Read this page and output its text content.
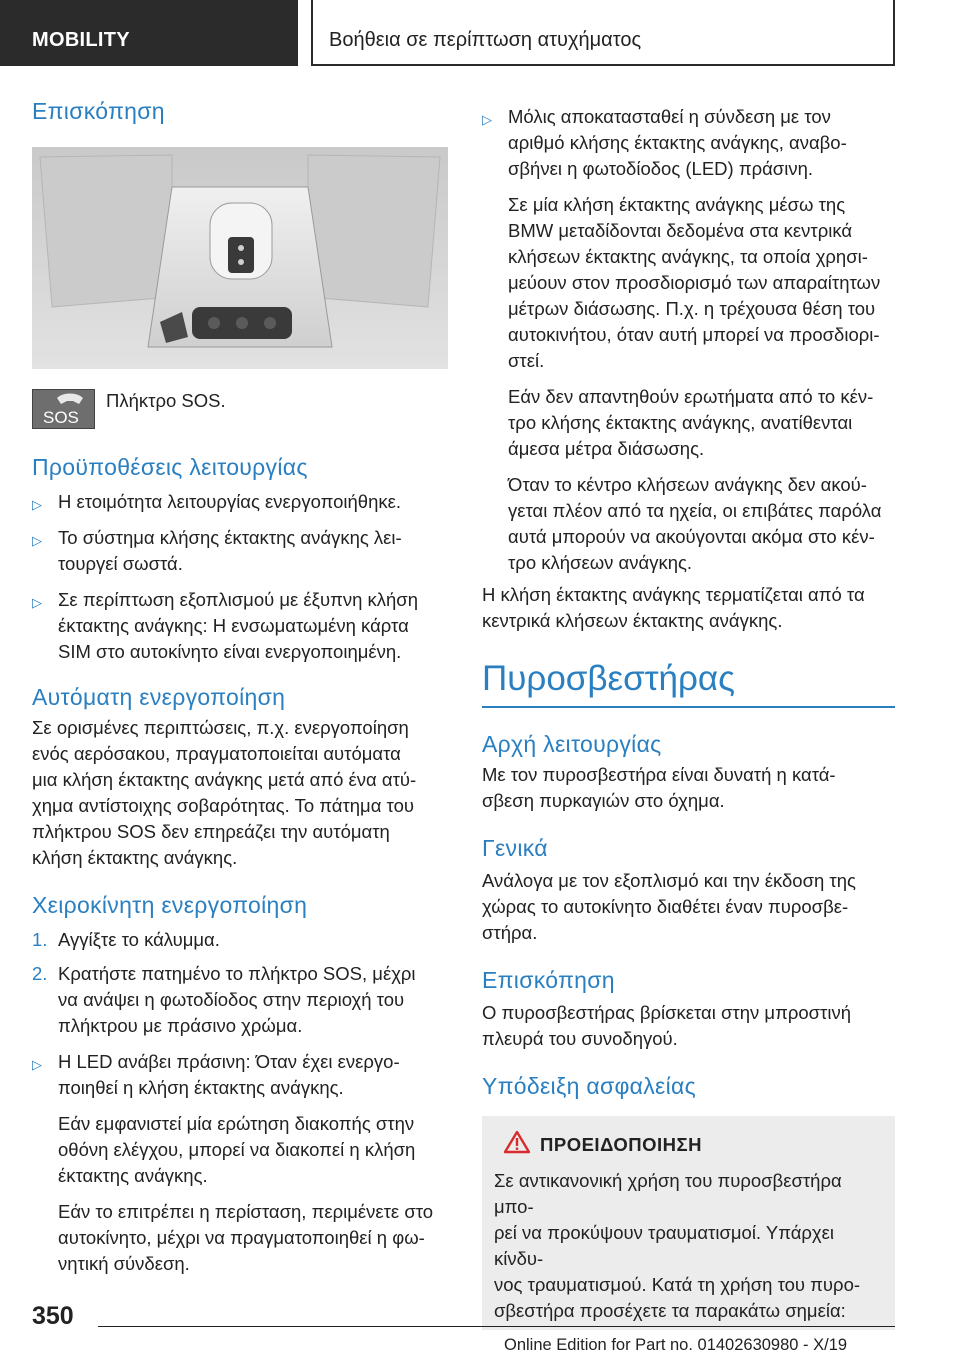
MOBILITY	Βοήθεια σε περίπτωση ατυχήματος
Επισκόπηση
SOS
Πλήκτρο SOS.
Προϋποθέσεις λειτουργίας
▷ Η ετοιμότητα λειτουργίας ενεργοποιήθηκε.
▷ Το σύστημα κλήσης έκτακτης ανάγκης λει-
τουργεί σωστά.
▷ Σε περίπτωση εξοπλισμού με έξυπνη κλήση
έκτακτης ανάγκης: Η ενσωματωμένη κάρτα
SIM στο αυτοκίνητο είναι ενεργοποιημένη.
Αυτόματη ενεργοποίηση

Σε ορισμένες περιπτώσεις, π.χ. ενεργοποίηση
ενός αερόσακου, πραγματοποιείται αυτόματα
μια κλήση έκτακτης ανάγκης μετά από ένα ατύ-
χημα αντίστοιχης σοβαρότητας. Το πάτημα του
πλήκτρου SOS δεν επηρεάζει την αυτόματη
κλήση έκτακτης ανάγκης.

Χειροκίνητη ενεργοποίηση
1. Αγγίξτε το κάλυμμα.
2. Κρατήστε πατημένο το πλήκτρο SOS, μέχρι
να ανάψει η φωτοδίοδος στην περιοχή του
πλήκτρου με πράσινο χρώμα.
▷ Η LED ανάβει πράσινη: Όταν έχει ενεργο-
ποιηθεί η κλήση έκτακτης ανάγκης.
Εάν εμφανιστεί μία ερώτηση διακοπής στην
οθόνη ελέγχου, μπορεί να διακοπεί η κλήση
έκτακτης ανάγκης.
Εάν το επιτρέπει η περίσταση, περιμένετε στο
αυτοκίνητο, μέχρι να πραγματοποιηθεί η φω-
νητική σύνδεση.
▷ Μόλις αποκατασταθεί η σύνδεση με τον
αριθμό κλήσης έκτακτης ανάγκης, αναβο-
σβήνει η φωτοδίοδος (LED) πράσινη.
Σε μία κλήση έκτακτης ανάγκης μέσω της
BMW μεταδίδονται δεδομένα στα κεντρικά
κλήσεων έκτακτης ανάγκης, τα οποία χρησι-
μεύουν στον προσδιορισμό των απαραίτητων
μέτρων διάσωσης. Π.χ. η τρέχουσα θέση του
αυτοκινήτου, όταν αυτή μπορεί να προσδιορι-
στεί.
Εάν δεν απαντηθούν ερωτήματα από το κέν-
τρο κλήσης έκτακτης ανάγκης, ανατίθενται
άμεσα μέτρα διάσωσης.
Όταν το κέντρο κλήσεων ανάγκης δεν ακού-
γεται πλέον από τα ηχεία, οι επιβάτες παρόλα
αυτά μπορούν να ακούγονται ακόμα στο κέν-
τρο κλήσεων ανάγκης.

Η κλήση έκτακτης ανάγκης τερματίζεται από τα
κεντρικά κλήσεων έκτακτης ανάγκης.

Πυροσβεστήρας
Αρχή λειτουργίας

Με τον πυροσβεστήρα είναι δυνατή η κατά-
σβεση πυρκαγιών στο όχημα.

Γενικά

Ανάλογα με τον εξοπλισμό και την έκδοση της
χώρας το αυτοκίνητο διαθέτει έναν πυροσβε-
στήρα.

Επισκόπηση

Ο πυροσβεστήρας βρίσκεται στην μπροστινή
πλευρά του συνοδηγού.

Υπόδειξη ασφαλείας
ΠΡΟΕΙΔΟΠΟΙΗΣΗ

Σε αντικανονική χρήση του πυροσβεστήρα μπο-
ρεί να προκύψουν τραυματισμοί. Υπάρχει κίνδυ-
νος τραυματισμού. Κατά τη χρήση του πυρο-
σβεστήρα προσέχετε τα παρακάτω σημεία:

350
Online Edition for Part no. 01402630980 - X/19
